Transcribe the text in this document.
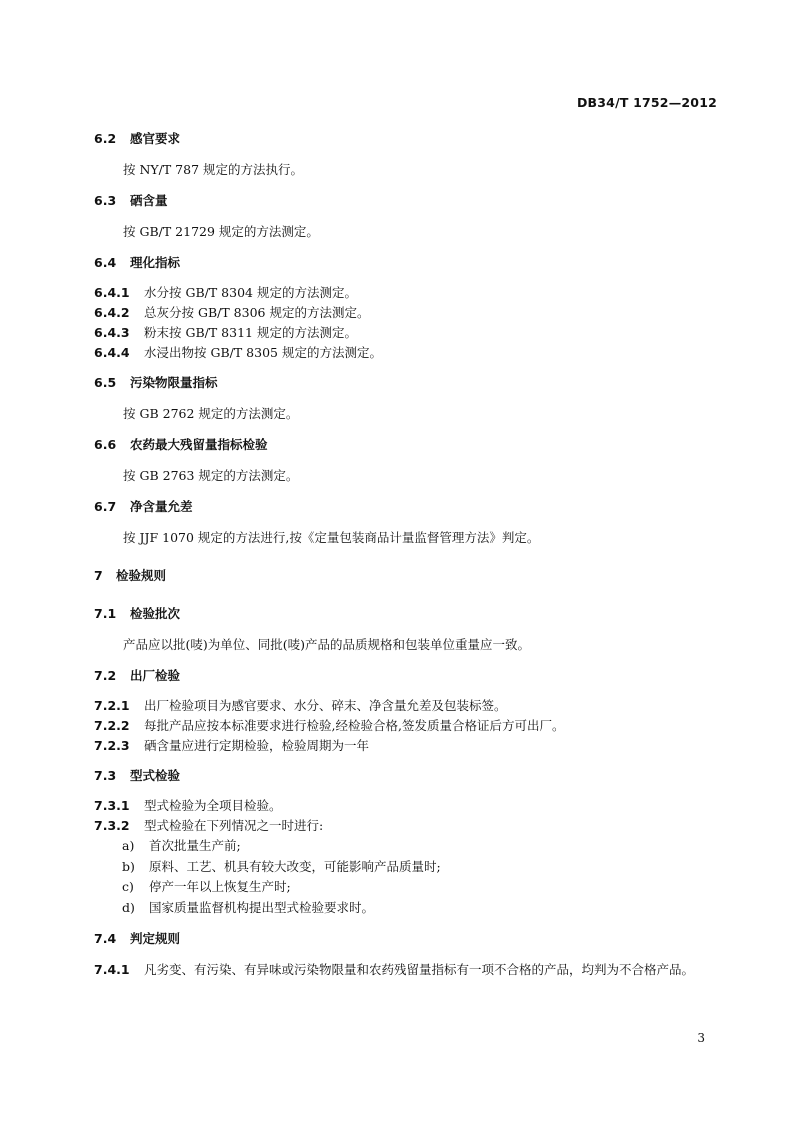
DB34/T 1752—2012
6.2 感官要求
按 NY/T 787 规定的方法执行。
6.3 硒含量
按 GB/T 21729 规定的方法测定。
6.4 理化指标
6.4.1 水分按 GB/T 8304 规定的方法测定。
6.4.2 总灰分按 GB/T 8306 规定的方法测定。
6.4.3 粉末按 GB/T 8311 规定的方法测定。
6.4.4 水浸出物按 GB/T 8305 规定的方法测定。
6.5 污染物限量指标
按 GB 2762 规定的方法测定。
6.6 农药最大残留量指标检验
按 GB 2763 规定的方法测定。
6.7 净含量允差
按 JJF 1070 规定的方法进行,按《定量包装商品计量监督管理方法》判定。
7 检验规则
7.1 检验批次
产品应以批(唛)为单位、同批(唛)产品的品质规格和包装单位重量应一致。
7.2 出厂检验
7.2.1 出厂检验项目为感官要求、水分、碎末、净含量允差及包装标签。
7.2.2 每批产品应按本标准要求进行检验,经检验合格,签发质量合格证后方可出厂。
7.2.3 硒含量应进行定期检验，检验周期为一年
7.3 型式检验
7.3.1 型式检验为全项目检验。
7.3.2 型式检验在下列情况之一时进行:
a) 首次批量生产前;
b) 原料、工艺、机具有较大改变，可能影响产品质量时;
c) 停产一年以上恢复生产时;
d) 国家质量监督机构提出型式检验要求时。
7.4 判定规则
7.4.1 凡劣变、有污染、有异味或污染物限量和农药残留量指标有一项不合格的产品，均判为不合格产品。
3
